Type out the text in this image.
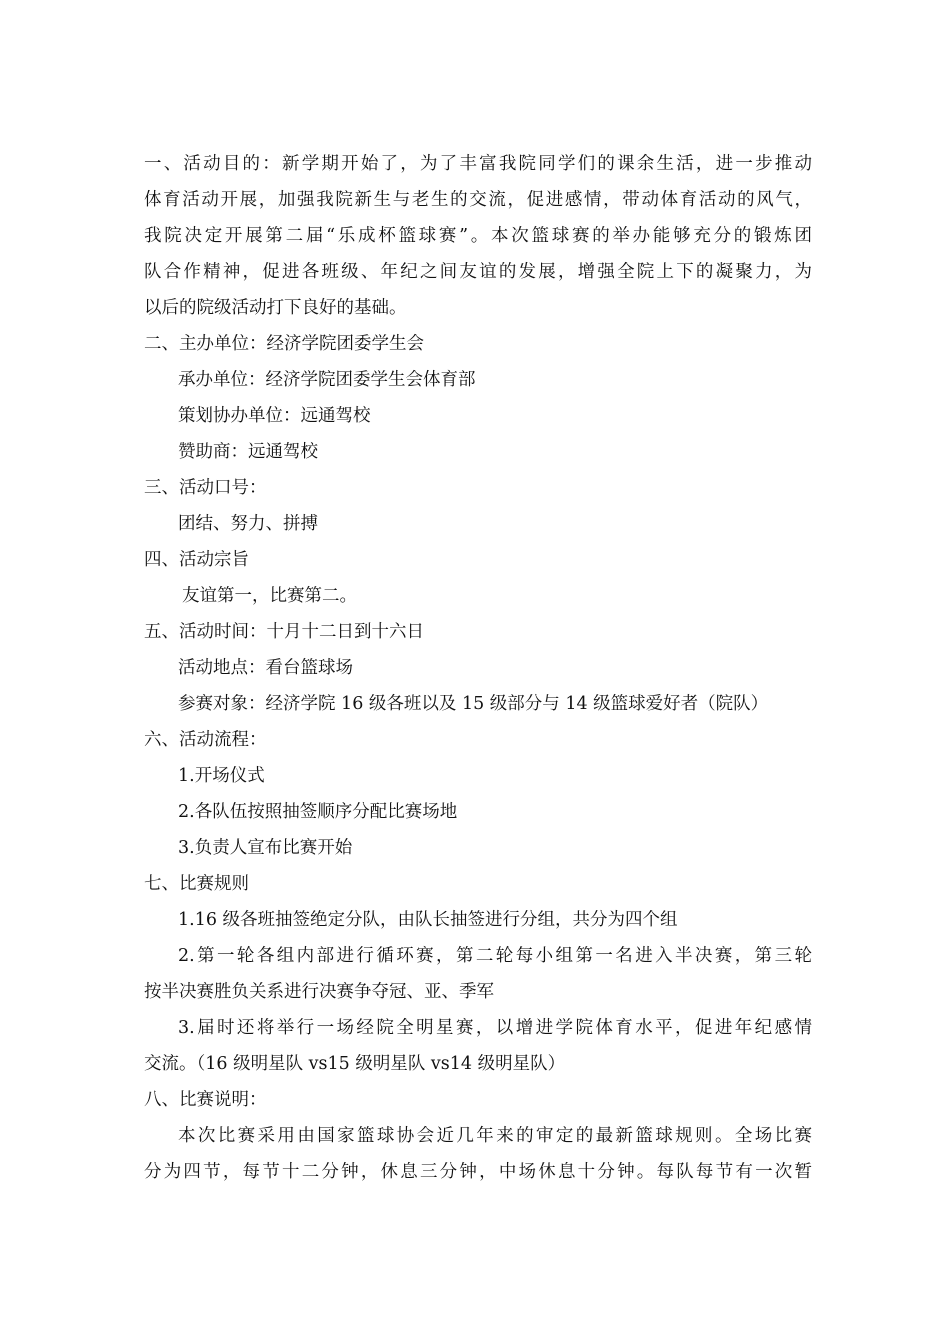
一、活动目的：新学期开始了，为了丰富我院同学们的课余生活，进一步推动
体育活动开展，加强我院新生与老生的交流，促进感情，带动体育活动的风气，
我院决定开展第二届“乐成杯篮球赛”。本次篮球赛的举办能够充分的锻炼团
队合作精神，促进各班级、年纪之间友谊的发展，增强全院上下的凝聚力，为
以后的院级活动打下良好的基础。
二、主办单位：经济学院团委学生会
承办单位：经济学院团委学生会体育部
策划协办单位：远通驾校
赞助商：远通驾校
三、活动口号：
团结、努力、拼搏
四、活动宗旨
友谊第一，比赛第二。
五、活动时间：十月十二日到十六日
活动地点：看台篮球场
参赛对象：经济学院 16 级各班以及 15 级部分与 14 级篮球爱好者（院队）
六、活动流程：
1.开场仪式
2.各队伍按照抽签顺序分配比赛场地
3.负责人宣布比赛开始
七、比赛规则
1.16 级各班抽签绝定分队，由队长抽签进行分组，共分为四个组
2.第一轮各组内部进行循环赛，第二轮每小组第一名进入半决赛，第三轮
按半决赛胜负关系进行决赛争夺冠、亚、季军
3.届时还将举行一场经院全明星赛，以增进学院体育水平，促进年纪感情
交流。（16 级明星队 vs15 级明星队 vs14 级明星队）
八、比赛说明：
本次比赛采用由国家篮球协会近几年来的审定的最新篮球规则。全场比赛
分为四节，每节十二分钟，休息三分钟，中场休息十分钟。每队每节有一次暂
